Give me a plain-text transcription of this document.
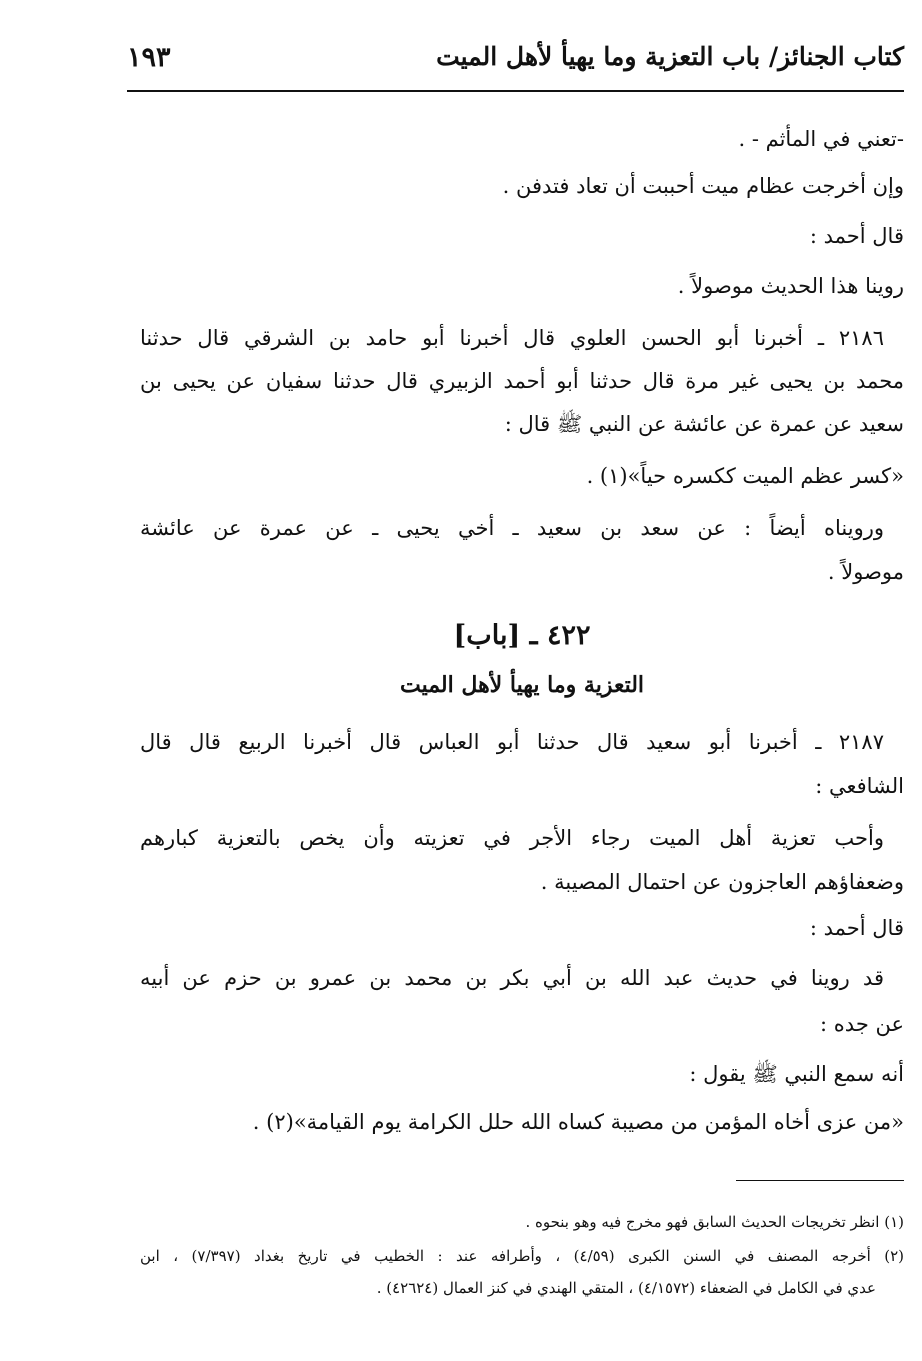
كتاب الجنائز/ باب التعزية وما يهيأ لأهل الميت
١٩٣
-تعني في المأثم - .
وإن أخرجت عظام ميت أحببت أن تعاد فتدفن .
قال أحمد :
روينا هذا الحديث موصولاً .
٢١٨٦ ـ أخبرنا أبو الحسن العلوي قال أخبرنا أبو حامد بن الشرقي قال حدثنا
محمد بن يحيى غير مرة قال حدثنا أبو أحمد الزبيري قال حدثنا سفيان عن يحيى بن
سعيد عن عمرة عن عائشة عن النبي ﷺ قال :
«كسر عظم الميت ككسره حياً»(١) .
ورويناه أيضاً : عن سعد بن سعيد ـ أخي يحيى ـ عن عمرة عن عائشة
موصولاً .
٤٢٢ ـ [باب]
التعزية وما يهيأ لأهل الميت
٢١٨٧ ـ أخبرنا أبو سعيد قال حدثنا أبو العباس قال أخبرنا الربيع قال قال
الشافعي :
وأحب تعزية أهل الميت رجاء الأجر في تعزيته وأن يخص بالتعزية كبارهم
وضعفاؤهم العاجزون عن احتمال المصيبة .
قال أحمد :
قد روينا في حديث عبد الله بن أبي بكر بن محمد بن عمرو بن حزم عن أبيه
عن جده :
أنه سمع النبي ﷺ يقول :
«من عزى أخاه المؤمن من مصيبة كساه الله حلل الكرامة يوم القيامة»(٢) .
(١) انظر تخريجات الحديث السابق فهو مخرج فيه وهو بنحوه .
(٢) أخرجه المصنف في السنن الكبرى (٤/٥٩) ، وأطرافه عند : الخطيب في تاريخ بغداد (٧/٣٩٧) ، ابن
عدي في الكامل في الضعفاء (٤/١٥٧٢) ، المتقي الهندي في كنز العمال (٤٢٦٢٤) .
